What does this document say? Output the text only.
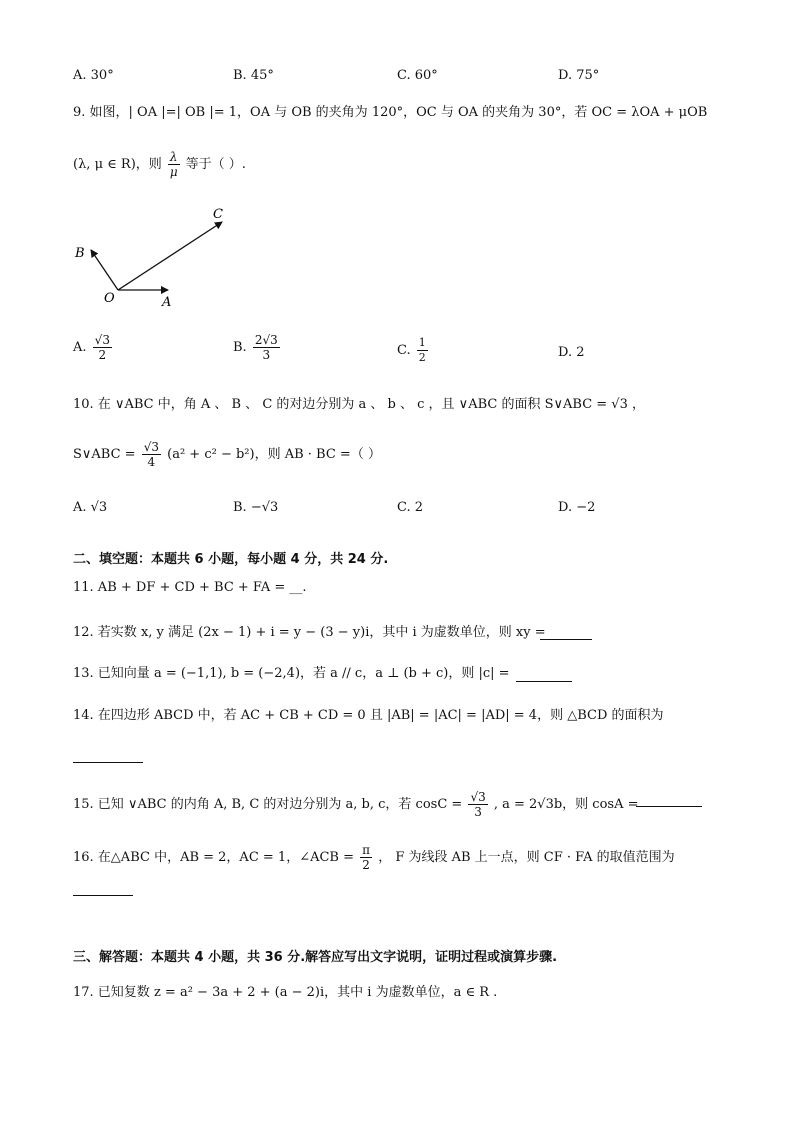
A. 30°	B. 45°	C. 60°	D. 75°
9. 如图，| OA |=| OB |= 1，OA 与 OB 的夹角为 120°，OC 与 OA 的夹角为 30°，若 OC = λOA + μOB
(λ, μ ∈ R)，则 $\frac{\lambda}{\mu}$ 等于（ ）.
B
C
O	A
A. $\frac{√3}{2}$	B. $\frac{2√3}{3}$	C. $\frac{1}{2}$	D. 2
10. 在 ∨ABC 中，角 A 、 B 、 C 的对边分别为 a 、 b 、 c ，且 ∨ABC 的面积 S∨ABC = √3 ，
S∨ABC = $\frac{√3}{4} (a^2 + c^2 - b^2)$，则 AB · BC =（ ）
A. √3	B. −√3	C. 2	D. −2
二、填空题：本题共 6 小题，每小题 4 分，共 24 分.
11. AB + DF + CD + BC + FA = __.
12. 若实数 x, y 满足 (2x − 1) + i = y − (3 − y)i，其中 i 为虚数单位，则 xy =
13. 已知向量 a = (−1,1), b = (−2,4)，若 a // c，a ⊥ (b + c)，则 |c| =
14. 在四边形 ABCD 中，若 AC + CB + CD = 0 且 |AB| = |AC| = |AD| = 4，则 △BCD 的面积为
15. 已知 ∨ABC 的内角 A, B, C 的对边分别为 a, b, c，若 $\cos C = \frac{√3}{3}$ , a = 2√3b，则 cosA =
16. 在△ABC 中，AB = 2，AC = 1，∠ACB = $\frac{\pi}{2}$ ， F 为线段 AB 上一点，则 CF · FA 的取值范围为
三、解答题：本题共 4 小题，共 36 分.解答应写出文字说明，证明过程或演算步骤.
17. 已知复数 z = a² − 3a + 2 + (a − 2)i，其中 i 为虚数单位，a ∈ R .
